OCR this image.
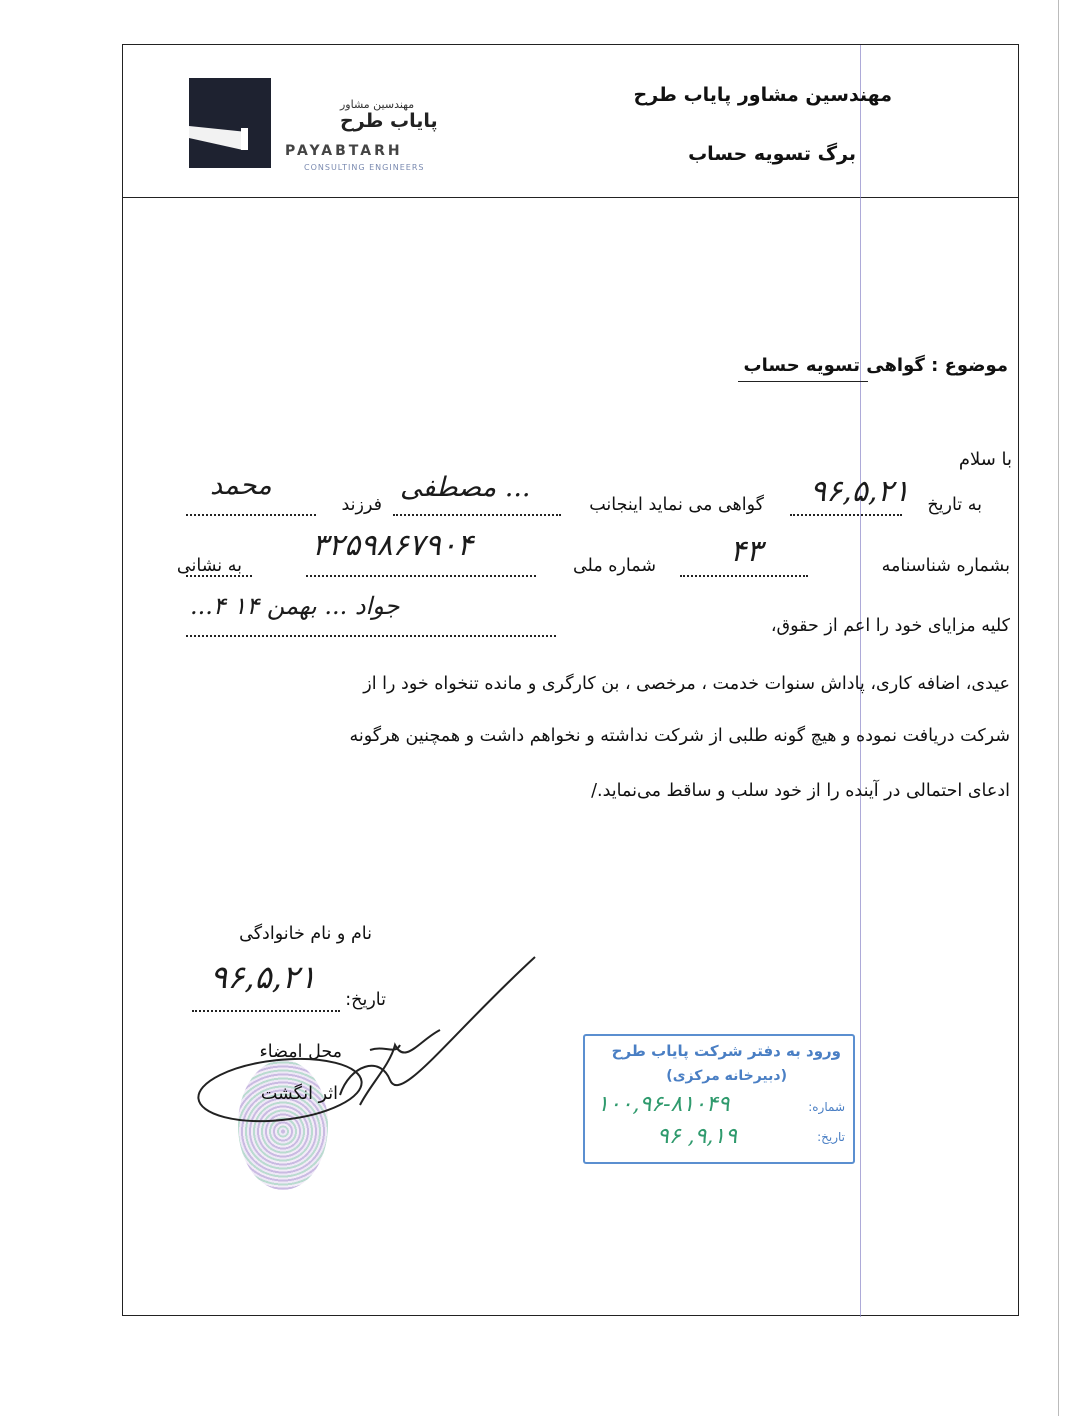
مهندسین مشاور پایاب طرح
برگ تسویه حساب
مهندسین مشاور
پایاب طرح
PAYABTARH
CONSULTING ENGINEERS
موضوع : گواهی تسویه حساب
با سلام
به تاریخ
۹۶,۵,۲۱
گواهی می نماید اینجانب
مصطفی ...
فرزند
محمد
بشماره شناسنامه
۴۳
شماره ملی
۳۲۵۹۸۶۷۹۰۴
به نشانی
...جواد ... بهمن ۱۴ ۴
کلیه مزایای خود را اعم از حقوق،
عیدی، اضافه کاری، پاداش سنوات خدمت ، مرخصی ، بن کارگری و مانده تنخواه خود را از
شرکت دریافت نموده و هیچ گونه طلبی از شرکت نداشته و نخواهم داشت و همچنین هرگونه
ادعای احتمالی در آینده را از خود سلب و ساقط می‌نماید./
نام و نام خانوادگی
۹۶,۵,۲۱
تاریخ:
محل امضاء
اثر انگشت
ورود به دفتر شرکت پایاب طرح
(دبیرخانه مرکزی)
شماره:
تاریخ:
۱۰۰,۹۶-۸۱۰۴۹
۹۶ ,۹,۱۹
